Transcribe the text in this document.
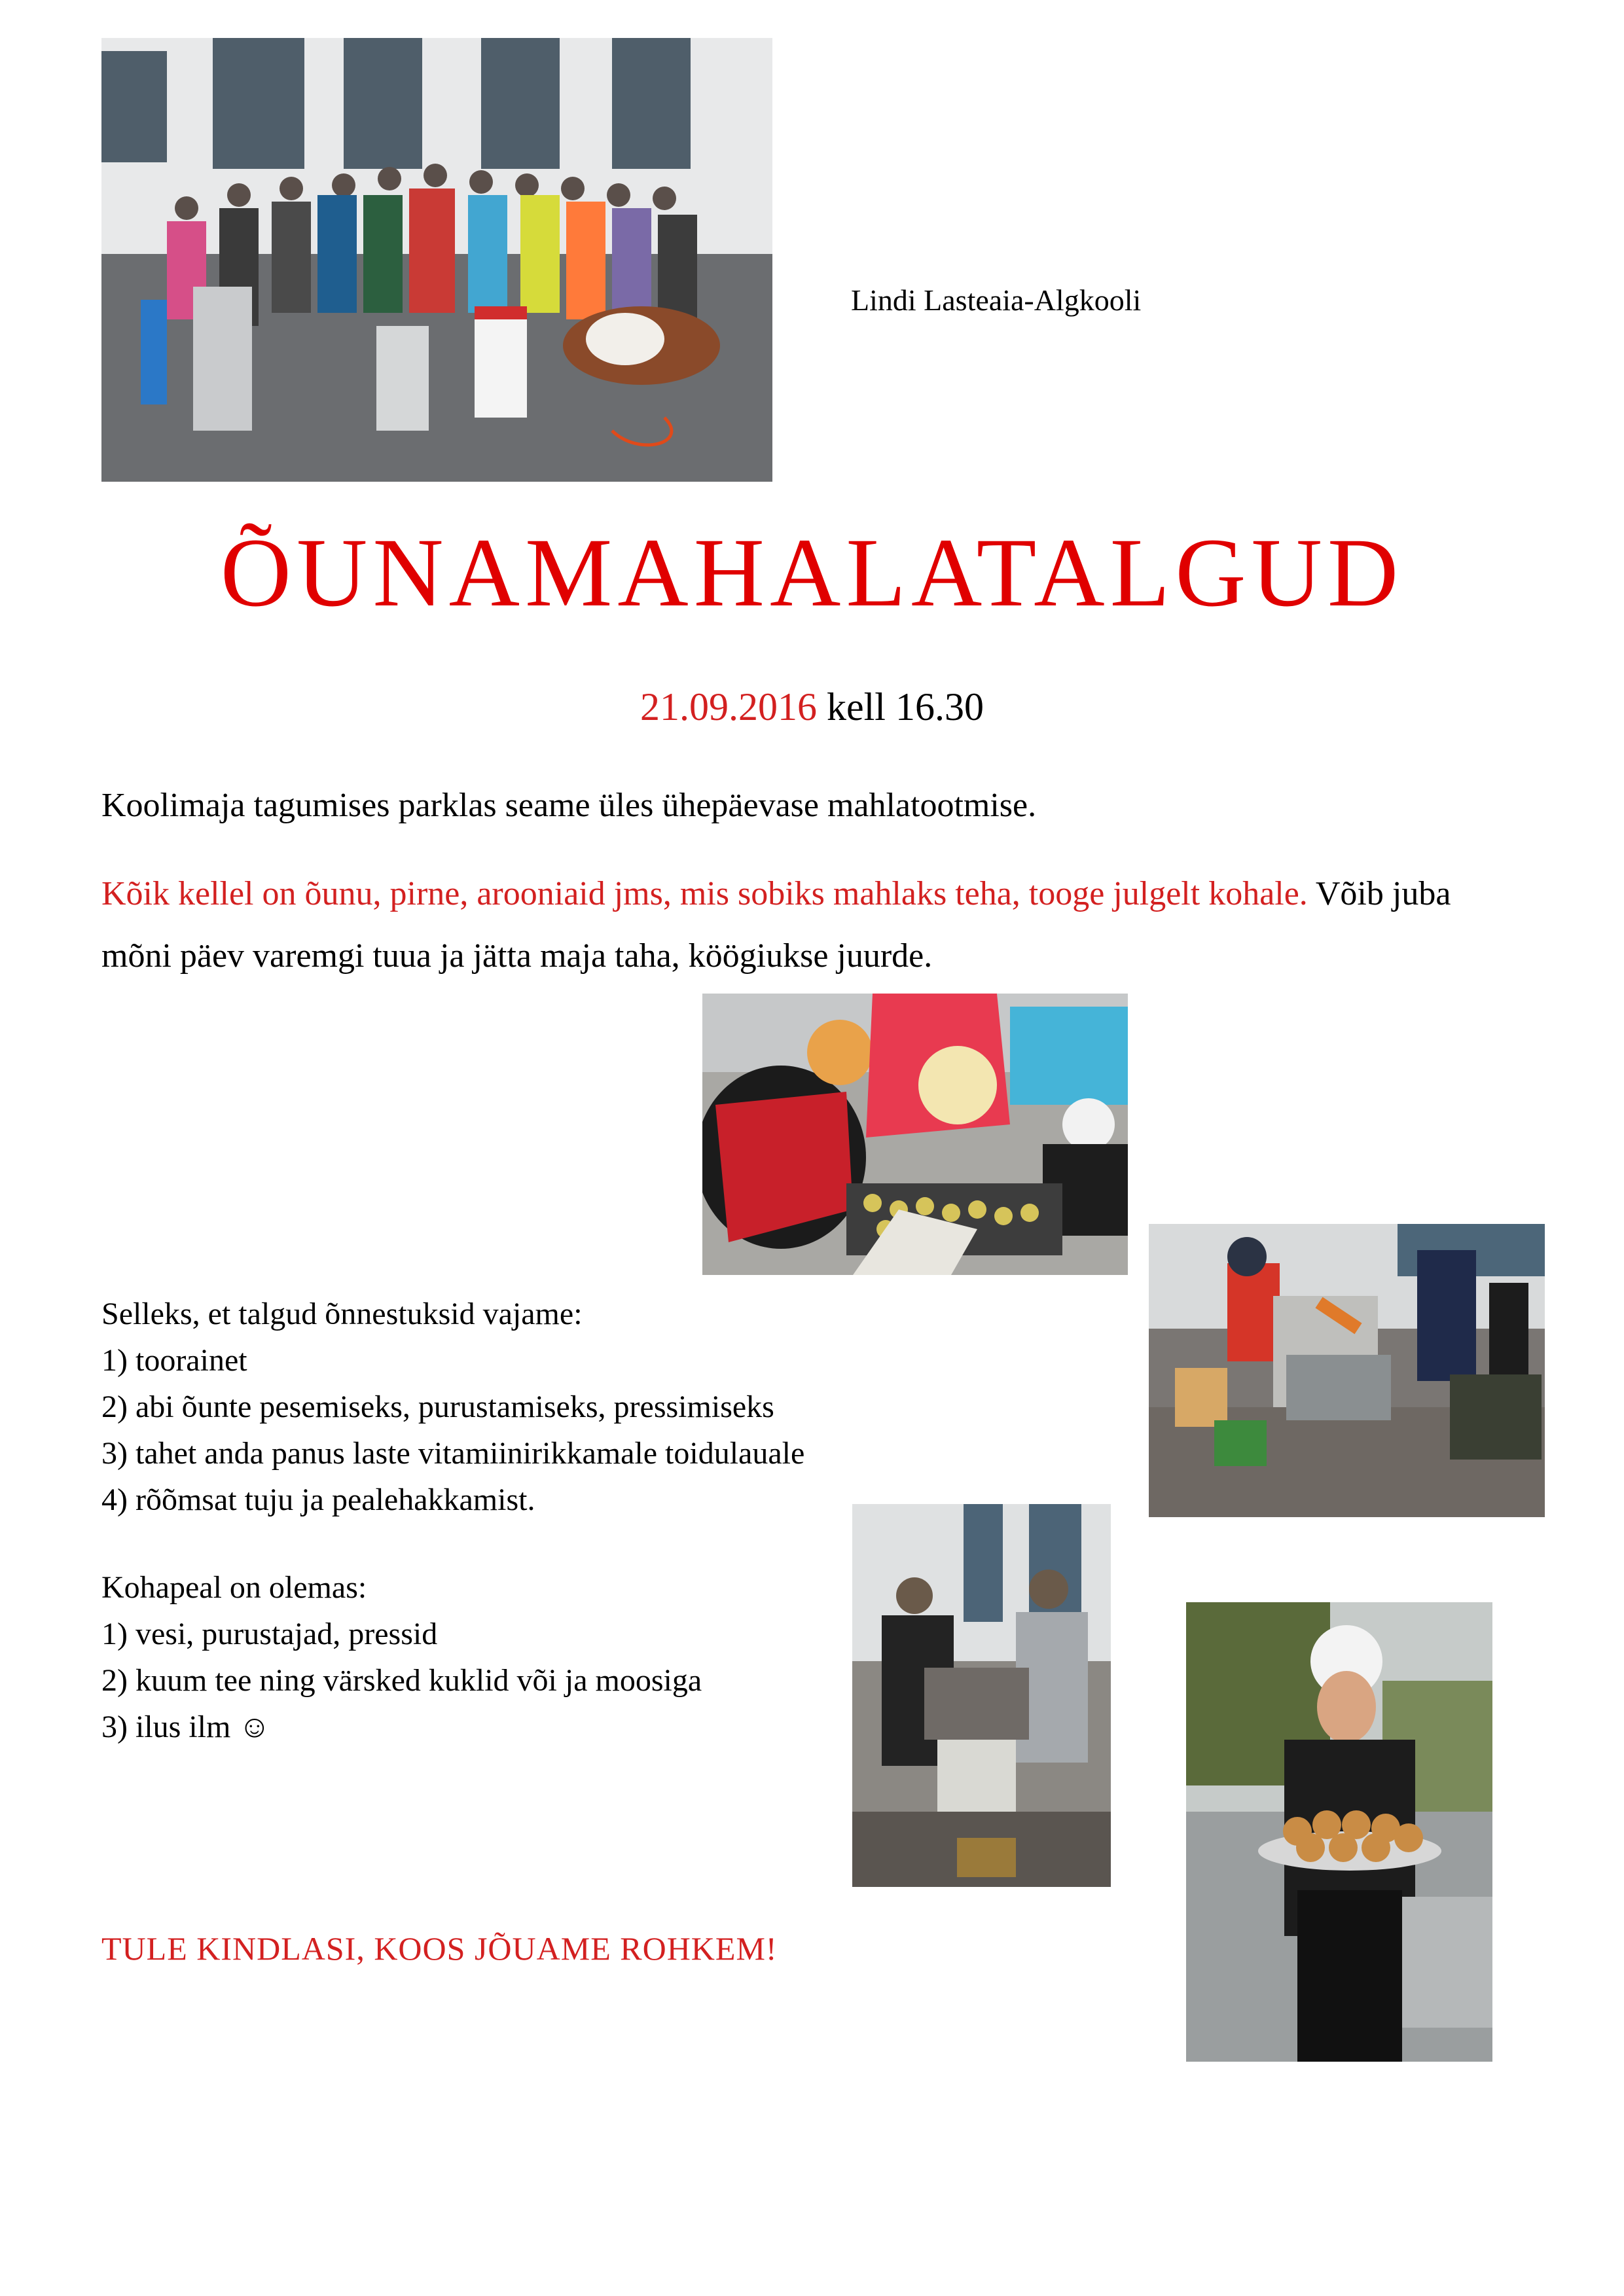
Lindi Lasteaia-Algkooli
ÕUNAMAHALATALGUD
21.09.2016 kell 16.30
Koolimaja tagumises parklas seame üles ühepäevase mahlatootmise.
Kõik kellel on õunu, pirne, arooniaid jms, mis sobiks mahlaks teha, tooge julgelt kohale. Võib juba mõni päev varemgi tuua ja jätta maja taha, köögiukse juurde.
Selleks, et talgud õnnestuksid vajame:
1) toorainet
2) abi õunte pesemiseks, purustamiseks, pressimiseks
3) tahet anda panus laste vitamiinirikkamale toidulauale
4) rõõmsat tuju ja pealehakkamist.
Kohapeal on olemas:
1) vesi, purustajad, pressid
2) kuum tee ning värsked kuklid või ja moosiga
3) ilus ilm ☺
TULE KINDLASI, KOOS JÕUAME ROHKEM!
